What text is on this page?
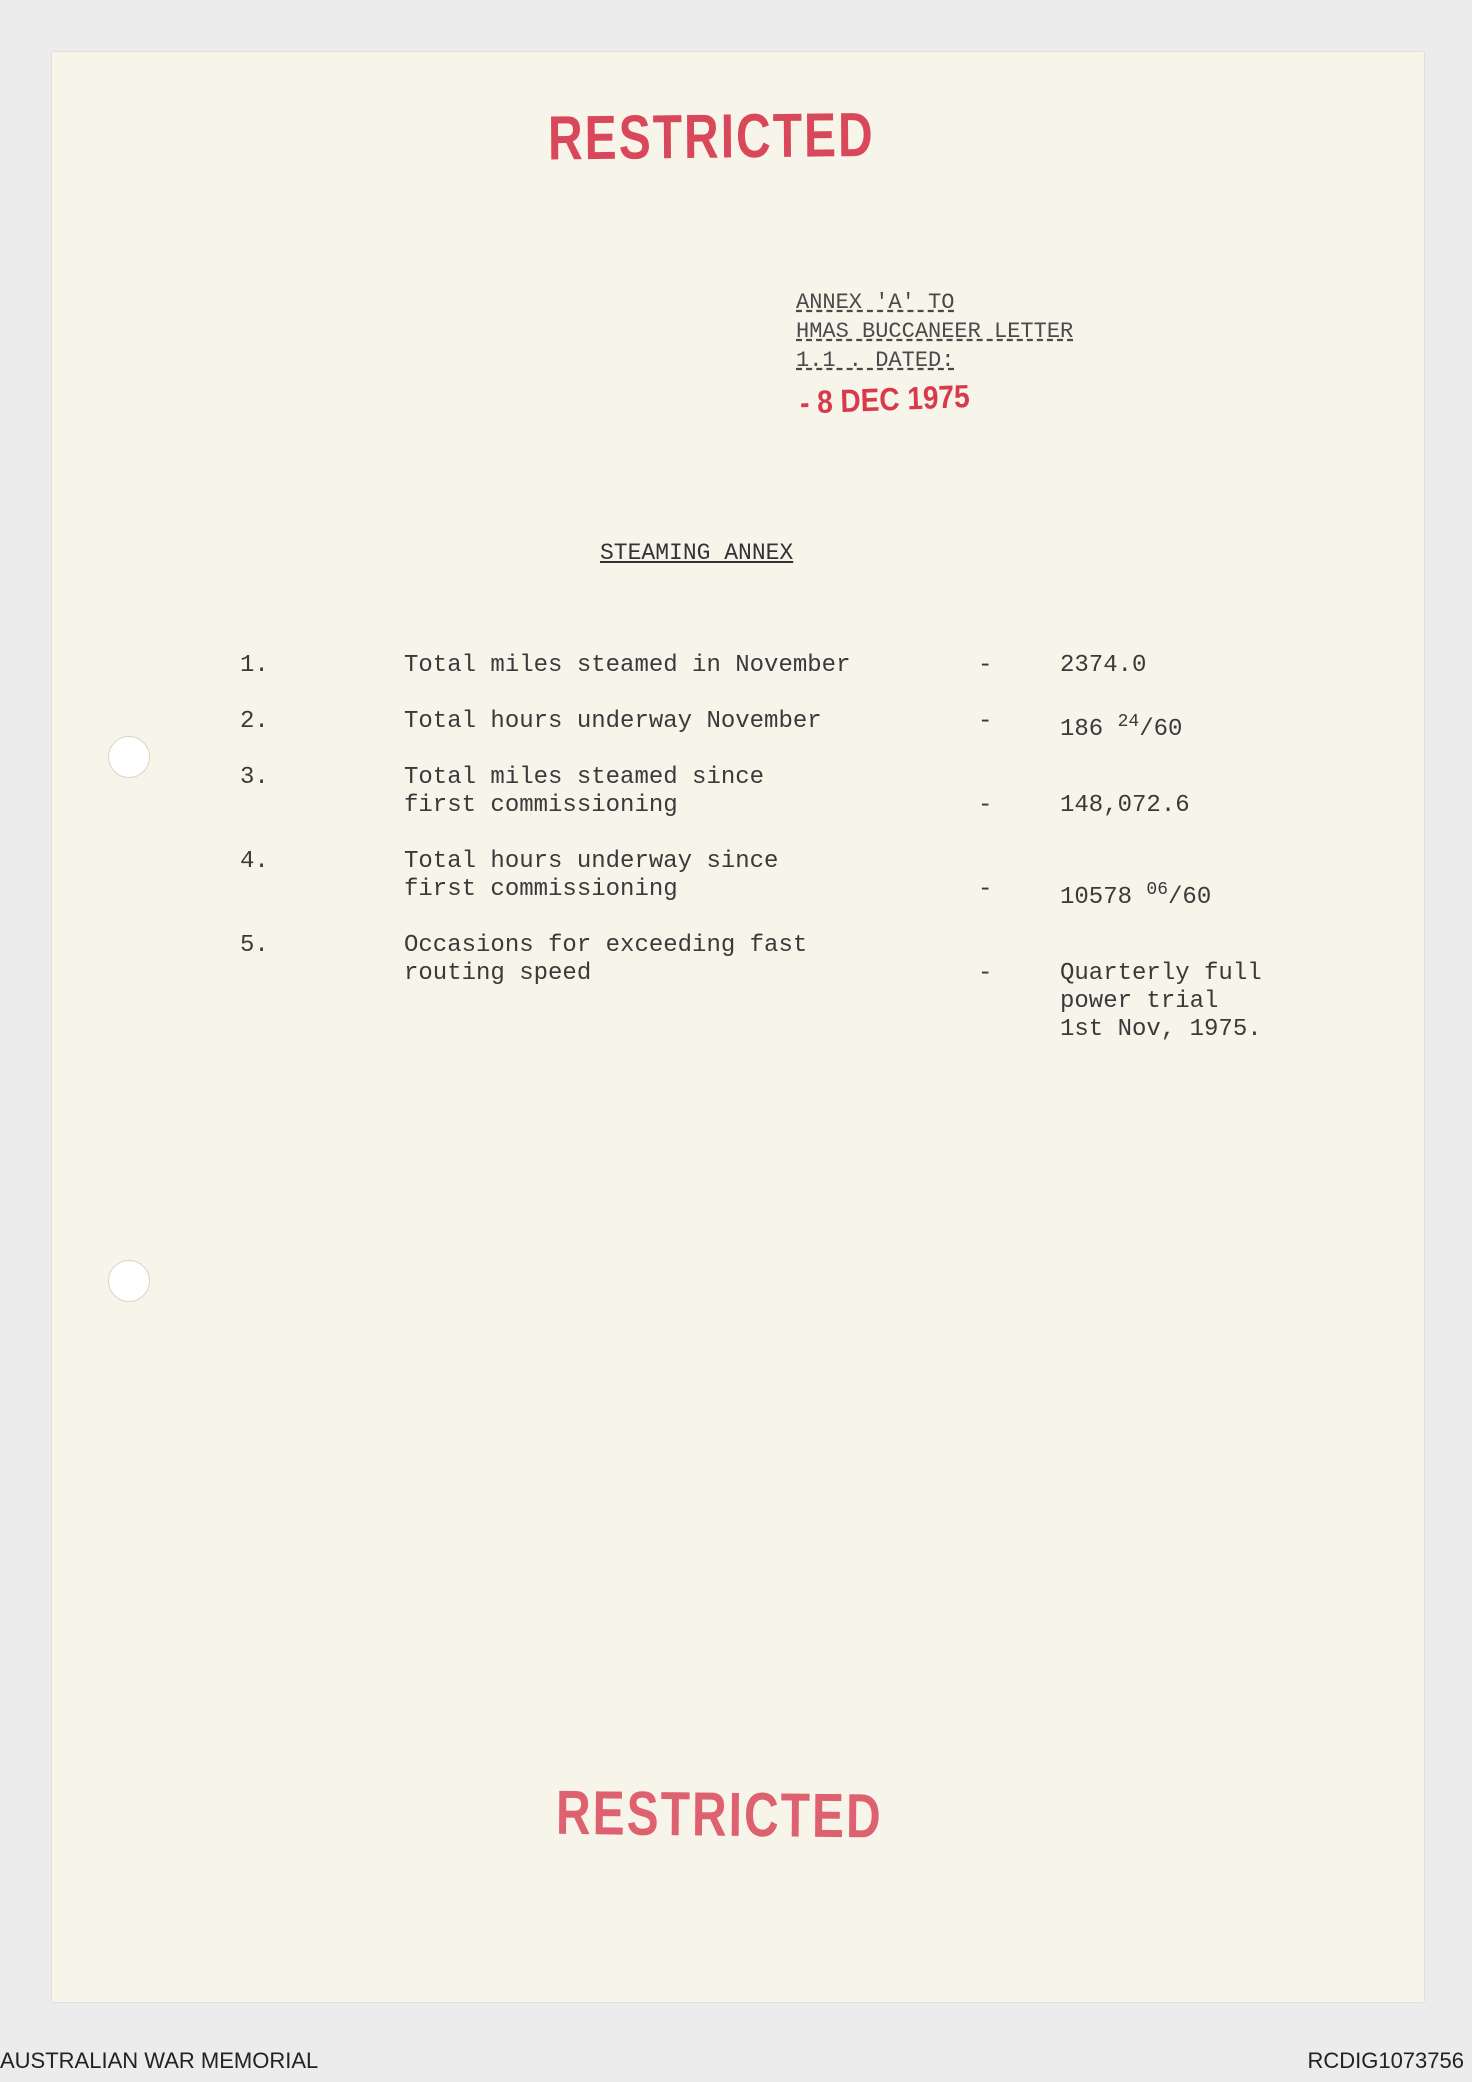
RESTRICTED
ANNEX 'A' TO
HMAS BUCCANEER LETTER
1.1 . DATED:
- 8 DEC 1975
STEAMING ANNEX
1.	Total miles steamed in November	-	2374.0
2.	Total hours underway November	-	186 $^{24}$/60
3.	Total miles steamed since
first commissioning	-	148,072.6
4.	Total hours underway since
first commissioning	-	10578 $^{06}$/60
5.	Occasions for exceeding fast
routing speed	-	Quarterly full
power trial
1st Nov, 1975.
RESTRICTED
AUSTRALIAN WAR MEMORIAL	RCDIG1073756
